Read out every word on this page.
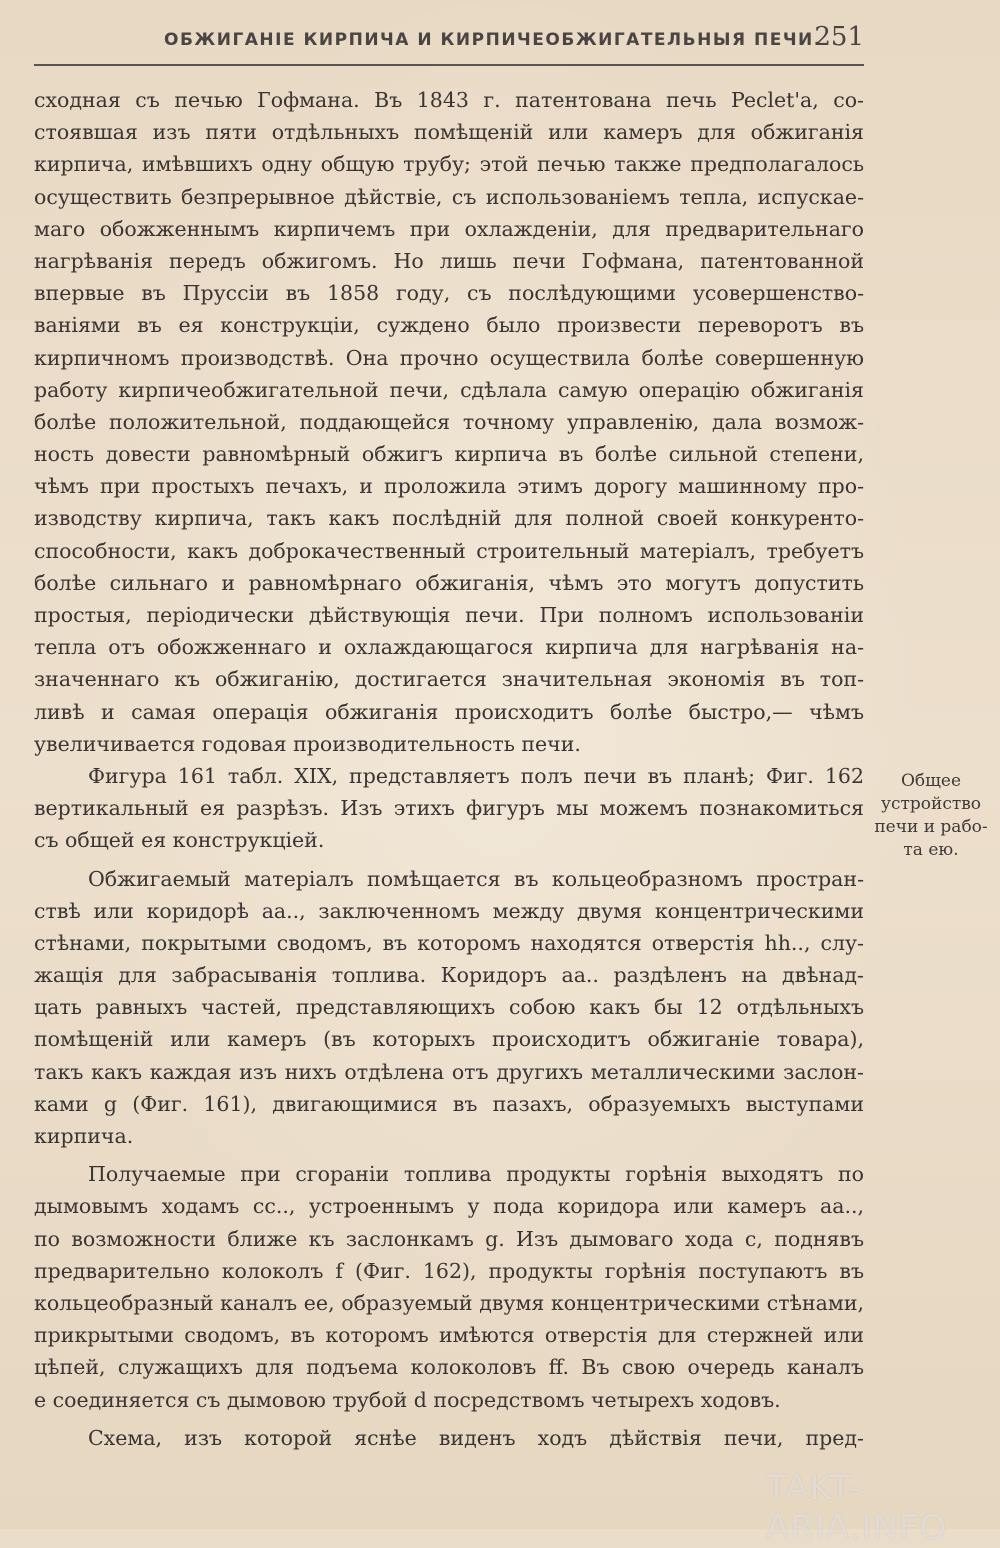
ОБЖИГАНІЕ КИРПИЧА И КИРПИЧЕОБЖИГАТЕЛЬНЫЯ ПЕЧИ.
251
сходная съ печью Гофмана. Въ 1843 г. патентована печь Peclet'а, со-
стоявшая изъ пяти отдѣльныхъ помѣщеній или камеръ для обжиганія
кирпича, имѣвшихъ одну общую трубу; этой печью также предполагалось
осуществить безпрерывное дѣйствіе, съ использованіемъ тепла, испускае-
маго обожженнымъ кирпичемъ при охлажденіи, для предварительнаго
нагрѣванія передъ обжигомъ. Но лишь печи Гофмана, патентованной
впервые въ Пруссіи въ 1858 году, съ послѣдующими усовершенство-
ваніями въ ея конструкціи, суждено было произвести переворотъ въ
кирпичномъ производствѣ. Она прочно осуществила болѣе совершенную
работу кирпичеобжигательной печи, сдѣлала самую операцію обжиганія
болѣе положительной, поддающейся точному управленію, дала возмож-
ность довести равномѣрный обжигъ кирпича въ болѣе сильной степени,
чѣмъ при простыхъ печахъ, и проложила этимъ дорогу машинному про-
изводству кирпича, такъ какъ послѣдній для полной своей конкуренто-
способности, какъ доброкачественный строительный матеріалъ, требуетъ
болѣе сильнаго и равномѣрнаго обжиганія, чѣмъ это могутъ допустить
простыя, періодически дѣйствующія печи. При полномъ использованіи
тепла отъ обожженнаго и охлаждающагося кирпича для нагрѣванія на-
значеннаго къ обжиганію, достигается значительная экономія въ топ-
ливѣ и самая операція обжиганія происходитъ болѣе быстро,— чѣмъ
увеличивается годовая производительность печи.
Фигура 161 табл. XIX, представляетъ полъ печи въ планѣ; Фиг. 162
вертикальный ея разрѣзъ. Изъ этихъ фигуръ мы можемъ познакомиться
съ общей ея конструкціей.
Обжигаемый матеріалъ помѣщается въ кольцеобразномъ простран-
ствѣ или коридорѣ aa.., заключенномъ между двумя концентрическими
стѣнами, покрытыми сводомъ, въ которомъ находятся отверстія hh.., слу-
жащія для забрасыванія топлива. Коридоръ aa.. раздѣленъ на двѣнад-
цать равныхъ частей, представляющихъ собою какъ бы 12 отдѣльныхъ
помѣщеній или камеръ (въ которыхъ происходитъ обжиганіе товара),
такъ какъ каждая изъ нихъ отдѣлена отъ другихъ металлическими заслон-
ками g (Фиг. 161), двигающимися въ пазахъ, образуемыхъ выступами
кирпича.
Получаемые при сгораніи топлива продукты горѣнія выходятъ по
дымовымъ ходамъ cc.., устроеннымъ у пода коридора или камеръ aa..,
по возможности ближе къ заслонкамъ g. Изъ дымоваго хода c, поднявъ
предварительно колоколъ f (Фиг. 162), продукты горѣнія поступаютъ въ
кольцеобразный каналъ ee, образуемый двумя концентрическими стѣнами,
прикрытыми сводомъ, въ которомъ имѣются отверстія для стержней или
цѣпей, служащихъ для подъема колоколовъ ff. Въ свою очередь каналъ
e соединяется съ дымовою трубой d посредствомъ четырехъ ходовъ.
Схема, изъ которой яснѣе виденъ ходъ дѣйствія печи, пред-
Общее
устройство
печи и рабо-
та ею.
TAKT-ARIA.INFO
